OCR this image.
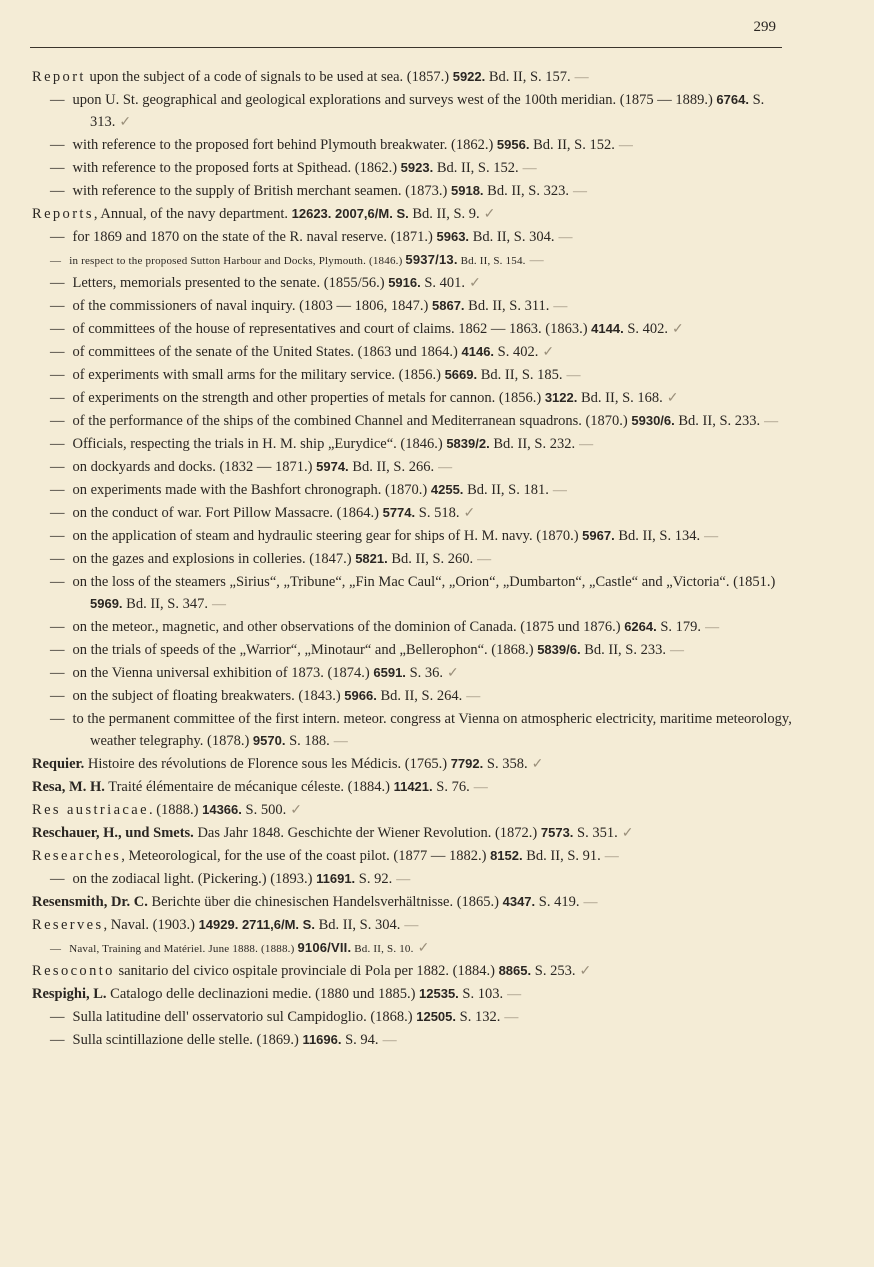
299
Report upon the subject of a code of signals to be used at sea. (1857.) 5922. Bd. II, S. 157. —
— upon U. St. geographical and geological explorations and surveys west of the 100th meridian. (1875 — 1889.) 6764. S. 313. ✓
— with reference to the proposed fort behind Plymouth breakwater. (1862.) 5956. Bd. II, S. 152. —
— with reference to the proposed forts at Spithead. (1862.) 5923. Bd. II, S. 152. —
— with reference to the supply of British merchant seamen. (1873.) 5918. Bd. II, S. 323. —
Reports, Annual, of the navy department. 12623. 2007,6/M. S. Bd. II, S. 9. ✓
— for 1869 and 1870 on the state of the R. naval reserve. (1871.) 5963. Bd. II, S. 304. —
— in respect to the proposed Sutton Harbour and Docks, Plymouth. (1846.) 5937/13. Bd. II, S. 154. —
— Letters, memorials presented to the senate. (1855/56.) 5916. S. 401. ✓
— of the commissioners of naval inquiry. (1803 — 1806, 1847.) 5867. Bd. II, S. 311. —
— of committees of the house of representatives and court of claims. 1862 — 1863. (1863.) 4144. S. 402. ✓
— of committees of the senate of the United States. (1863 und 1864.) 4146. S. 402. ✓
— of experiments with small arms for the military service. (1856.) 5669. Bd. II, S. 185. —
— of experiments on the strength and other properties of metals for cannon. (1856.) 3122. Bd. II, S. 168. ✓
— of the performance of the ships of the combined Channel and Mediterranean squadrons. (1870.) 5930/6. Bd. II, S. 233. —
— Officials, respecting the trials in H. M. ship „Eurydice“. (1846.) 5839/2. Bd. II, S. 232. —
— on dockyards and docks. (1832 — 1871.) 5974. Bd. II, S. 266. —
— on experiments made with the Bashfort chronograph. (1870.) 4255. Bd. II, S. 181. —
— on the conduct of war. Fort Pillow Massacre. (1864.) 5774. S. 518. ✓
— on the application of steam and hydraulic steering gear for ships of H. M. navy. (1870.) 5967. Bd. II, S. 134. —
— on the gazes and explosions in colleries. (1847.) 5821. Bd. II, S. 260. —
— on the loss of the steamers „Sirius“, „Tribune“, „Fin Mac Caul“, „Orion“, „Dumbarton“, „Castle“ and „Victoria“. (1851.) 5969. Bd. II, S. 347. —
— on the meteor., magnetic, and other observations of the dominion of Canada. (1875 und 1876.) 6264. S. 179. —
— on the trials of speeds of the „Warrior“, „Minotaur“ and „Bellerophon“. (1868.) 5839/6. Bd. II, S. 233. —
— on the Vienna universal exhibition of 1873. (1874.) 6591. S. 36. ✓
— on the subject of floating breakwaters. (1843.) 5966. Bd. II, S. 264. —
— to the permanent committee of the first intern. meteor. congress at Vienna on atmospheric electricity, maritime meteorology, weather telegraphy. (1878.) 9570. S. 188. —
Requier. Histoire des révolutions de Florence sous les Médicis. (1765.) 7792. S. 358. ✓
Resa, M. H. Traité élémentaire de mécanique céleste. (1884.) 11421. S. 76. —
Res austriacae. (1888.) 14366. S. 500. ✓
Reschauer, H., und Smets. Das Jahr 1848. Geschichte der Wiener Revolution. (1872.) 7573. S. 351. ✓
Researches, Meteorological, for the use of the coast pilot. (1877 — 1882.) 8152. Bd. II, S. 91. —
— on the zodiacal light. (Pickering.) (1893.) 11691. S. 92. —
Resensmith, Dr. C. Berichte über die chinesischen Handelsverhältnisse. (1865.) 4347. S. 419. —
Reserves, Naval. (1903.) 14929. 2711,6/M. S. Bd. II, S. 304. —
— Naval, Training and Matériel. June 1888. (1888.) 9106/VII. Bd. II, S. 10. ✓
Resoconto sanitario del civico ospitale provinciale di Pola per 1882. (1884.) 8865. S. 253. ✓
Respighi, L. Catalogo delle declinazioni medie. (1880 und 1885.) 12535. S. 103. —
— Sulla latitudine dell' osservatorio sul Campidoglio. (1868.) 12505. S. 132. —
— Sulla scintillazione delle stelle. (1869.) 11696. S. 94. —
